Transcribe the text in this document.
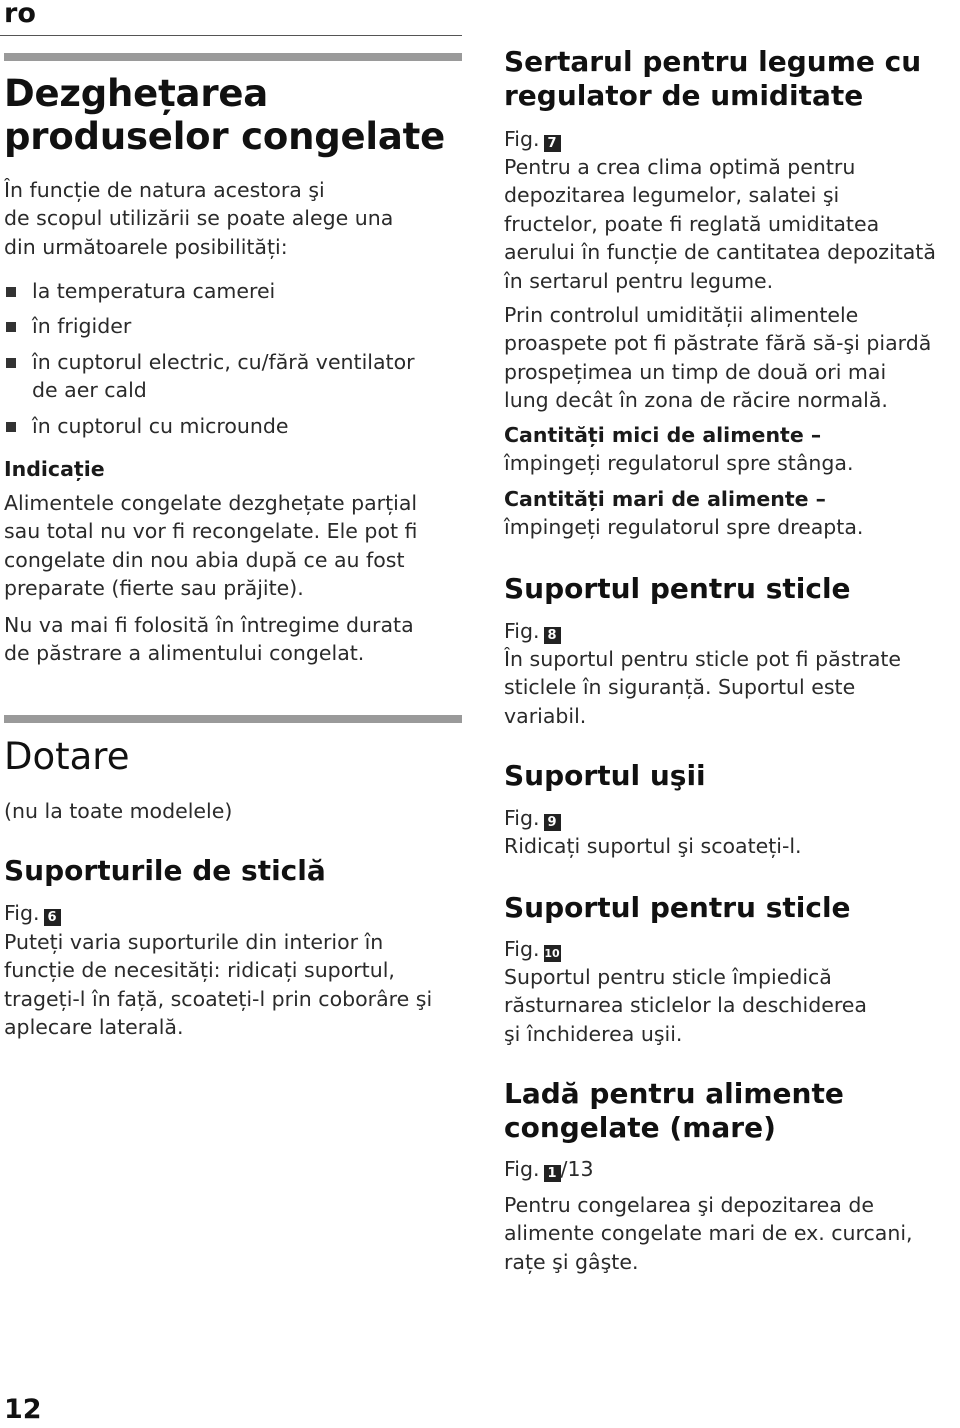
ro
Dezghețarea
produselor congelate
În funcție de natura acestora şi
de scopul utilizării se poate alege una
din următoarele posibilități:
la temperatura camerei
în frigider
în cuptorul electric, cu/fără ventilator
de aer cald
în cuptorul cu microunde
Indicație
Alimentele congelate dezghețate parțial
sau total nu vor fi recongelate. Ele pot fi
congelate din nou abia după ce au fost
preparate (fierte sau prăjite).
Nu va mai fi folosită în întregime durata
de păstrare a alimentului congelat.
Dotare
(nu la toate modelele)
Suporturile de sticlă
Fig. 6
Puteți varia suporturile din interior în
funcție de necesități: ridicați suportul,
trageți-l în față, scoateți-l prin coborâre şi
aplecare laterală.
Sertarul pentru legume cu
regulator de umiditate
Fig. 7
Pentru a crea clima optimă pentru
depozitarea legumelor, salatei şi
fructelor, poate fi reglată umiditatea
aerului în funcție de cantitatea depozitată
în sertarul pentru legume.
Prin controlul umidității alimentele
proaspete pot fi păstrate fără să-şi piardă
prospețimea un timp de două ori mai
lung decât în zona de răcire normală.
Cantități mici de alimente –
împingeți regulatorul spre stânga.
Cantități mari de alimente –
împingeți regulatorul spre dreapta.
Suportul pentru sticle
Fig. 8
În suportul pentru sticle pot fi păstrate
sticlele în siguranță. Suportul este
variabil.
Suportul uşii
Fig. 9
Ridicați suportul şi scoateți-l.
Suportul pentru sticle
Fig. 10
Suportul pentru sticle împiedică
răsturnarea sticlelor la deschiderea
şi închiderea uşii.
Ladă pentru alimente
congelate (mare)
Fig. 1 /13
Pentru congelarea şi depozitarea de
alimente congelate mari de ex. curcani,
rațe şi gâşte.
12
